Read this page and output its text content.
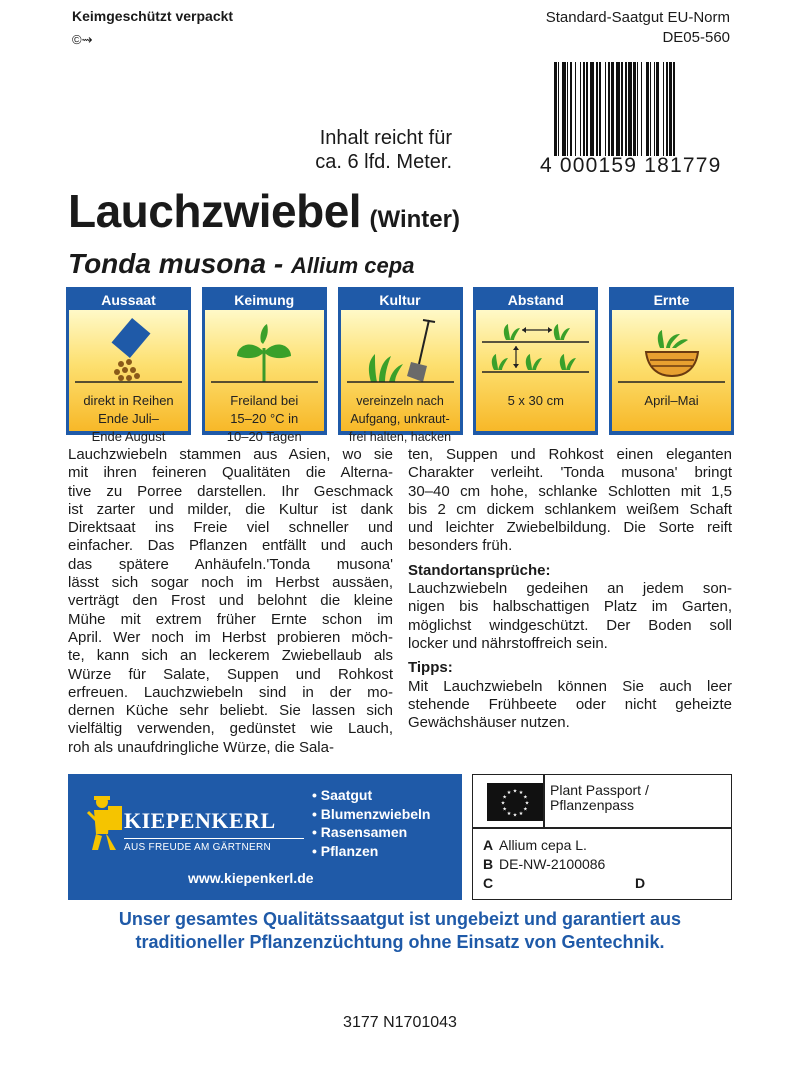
Keimgeschützt verpackt
©⇝
Standard-Saatgut EU-Norm
DE05-560
4 000159 181779
Inhalt reicht für
ca. 6 lfd. Meter.
Lauchzwiebel (Winter)
Tonda musona - Allium cepa
Aussaat
direkt in Reihen
Ende Juli–
Ende August
Keimung
Freiland bei
15–20 °C in
10–20 Tagen
Kultur
vereinzeln nach
Aufgang, unkraut-
frei halten, hacken
Abstand
5 x 30 cm
Ernte
April–Mai
Lauchzwiebeln stammen aus Asien, wo sie
mit ihren feineren Qualitäten die Alterna-
tive zu Porree darstellen. Ihr Geschmack
ist zarter und milder, die Kultur ist dank
Direktsaat ins Freie viel schneller und
einfacher. Das Pflanzen entfällt und auch
das spätere Anhäufeln.'Tonda musona'
lässt sich sogar noch im Herbst aussäen,
verträgt den Frost und belohnt die kleine
Mühe mit extrem früher Ernte schon im
April. Wer noch im Herbst probieren möch-
te, kann sich an leckerem Zwiebellaub als
Würze für Salate, Suppen und Rohkost
erfreuen. Lauchzwiebeln sind in der mo-
dernen Küche sehr beliebt. Sie lassen sich
vielfältig verwenden, gedünstet wie Lauch,
roh als unaufdringliche Würze, die Sala-
ten, Suppen und Rohkost einen eleganten
Charakter verleiht. 'Tonda musona' bringt
30–40 cm hohe, schlanke Schlotten mit 1,5
bis 2 cm dickem schlankem weißem Schaft
und leichter Zwiebelbildung. Die Sorte reift
besonders früh.
Standortansprüche:
Lauchzwiebeln gedeihen an jedem son-
nigen bis halbschattigen Platz im Garten,
möglichst windgeschützt. Der Boden soll
locker und nährstoffreich sein.
Tipps:
Mit Lauchzwiebeln können Sie auch leer
stehende Frühbeete oder nicht geheizte
Gewächshäuser nutzen.
KIEPENKERL
AUS FREUDE AM GÄRTNERN
• Saatgut
• Blumenzwiebeln
• Rasensamen
• Pflanzen
www.kiepenkerl.de
★
★
★
★
★
★
★
★
★ ★ ★
★ Plant Passport /
Pflanzenpass
A Allium cepa L.
B DE-NW-2100086
C	D
Unser gesamtes Qualitätssaatgut ist ungebeizt und garantiert aus
traditioneller Pflanzenzüchtung ohne Einsatz von Gentechnik.
3177 N1701043
